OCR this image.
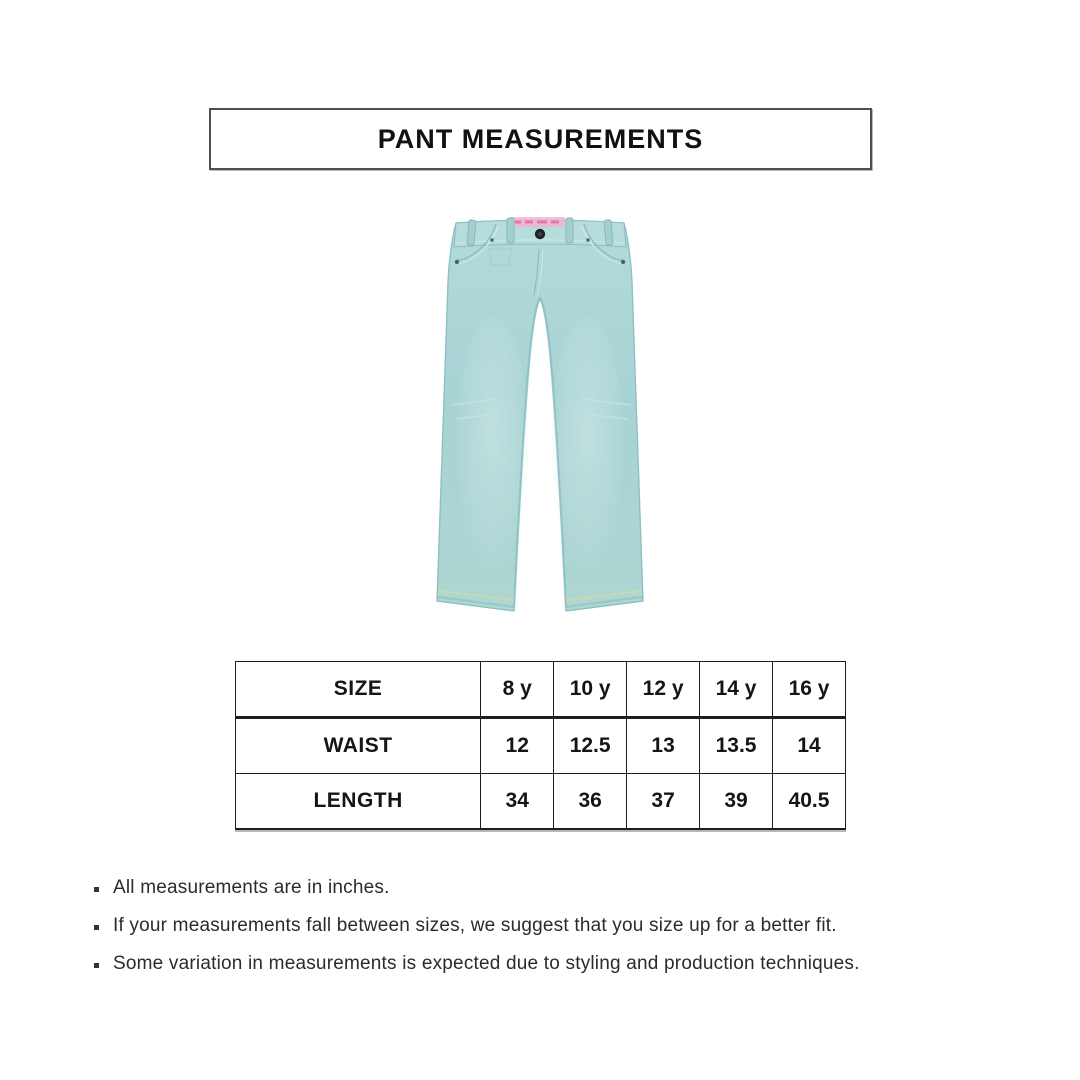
PANT MEASUREMENTS
SIZE	8 y	10 y	12 y	14 y	16 y
WAIST	12	12.5	13	13.5	14
LENGTH	34	36	37	39	40.5
All measurements are in inches.
If your measurements fall between sizes, we suggest that you size up for a better fit.
Some variation in measurements is expected due to styling and production techniques.
